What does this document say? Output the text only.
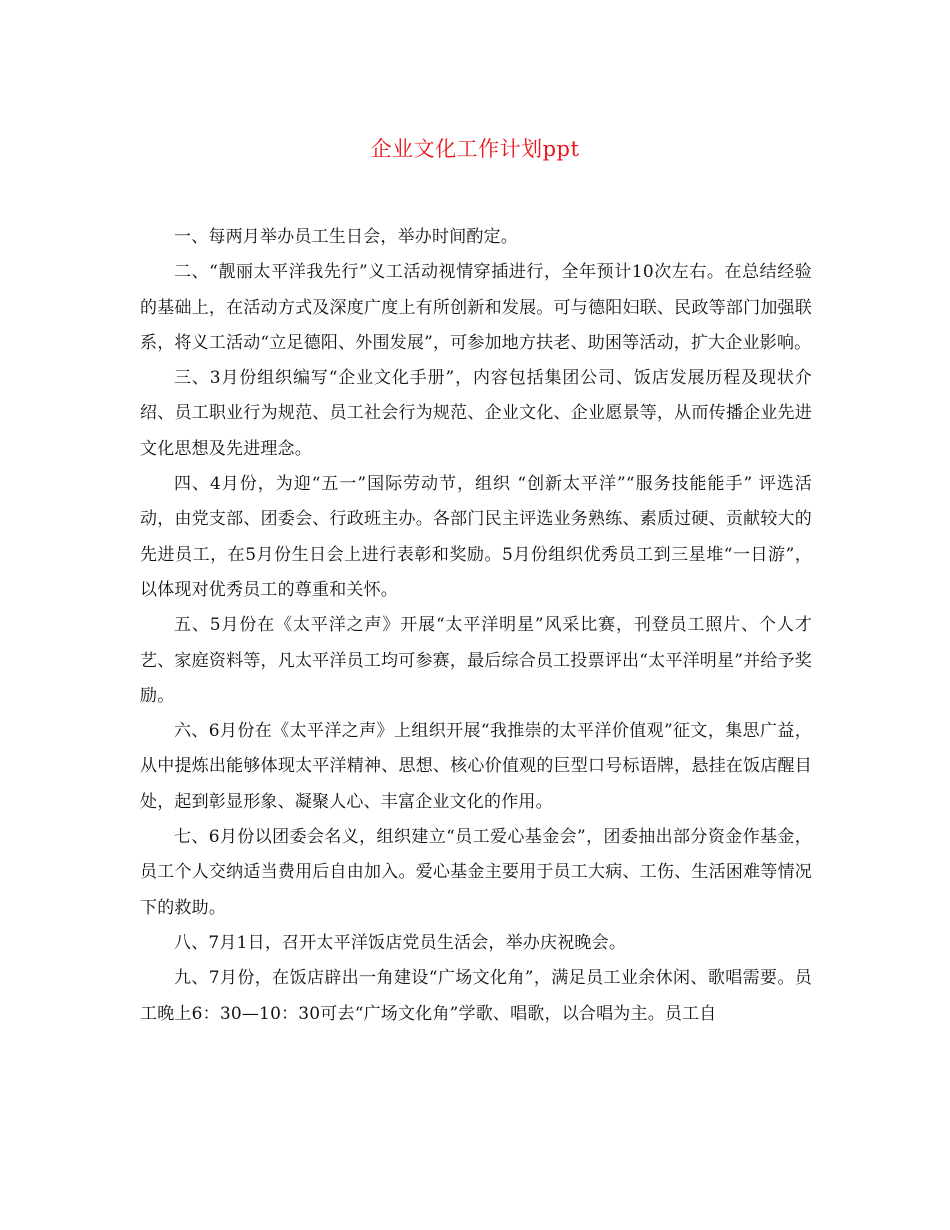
企业文化工作计划ppt

一、每两月举办员工生日会，举办时间酌定。

二、“靓丽太平洋我先行”义工活动视情穿插进行，全年预计10次左右。在总结经验的基础上，在活动方式及深度广度上有所创新和发展。可与德阳妇联、民政等部门加强联系，将义工活动“立足德阳、外围发展”，可参加地方扶老、助困等活动，扩大企业影响。

三、3月份组织编写“企业文化手册”，内容包括集团公司、饭店发展历程及现状介绍、员工职业行为规范、员工社会行为规范、企业文化、企业愿景等，从而传播企业先进文化思想及先进理念。

四、4月份，为迎“五一”国际劳动节，组织 “创新太平洋”“服务技能能手” 评选活动，由党支部、团委会、行政班主办。各部门民主评选业务熟练、素质过硬、贡献较大的先进员工，在5月份生日会上进行表彰和奖励。5月份组织优秀员工到三星堆“一日游”，以体现对优秀员工的尊重和关怀。

五、5月份在《太平洋之声》开展“太平洋明星”风采比赛，刊登员工照片、个人才艺、家庭资料等，凡太平洋员工均可参赛，最后综合员工投票评出“太平洋明星”并给予奖励。

六、6月份在《太平洋之声》上组织开展“我推崇的太平洋价值观”征文，集思广益，从中提炼出能够体现太平洋精神、思想、核心价值观的巨型口号标语牌，悬挂在饭店醒目处，起到彰显形象、凝聚人心、丰富企业文化的作用。

七、6月份以团委会名义，组织建立“员工爱心基金会”，团委抽出部分资金作基金，员工个人交纳适当费用后自由加入。爱心基金主要用于员工大病、工伤、生活困难等情况下的救助。

八、7月1日，召开太平洋饭店党员生活会，举办庆祝晚会。

九、7月份，在饭店辟出一角建设“广场文化角”，满足员工业余休闲、歌唱需要。员工晚上6：30—10：30可去“广场文化角”学歌、唱歌，以合唱为主。员工自
